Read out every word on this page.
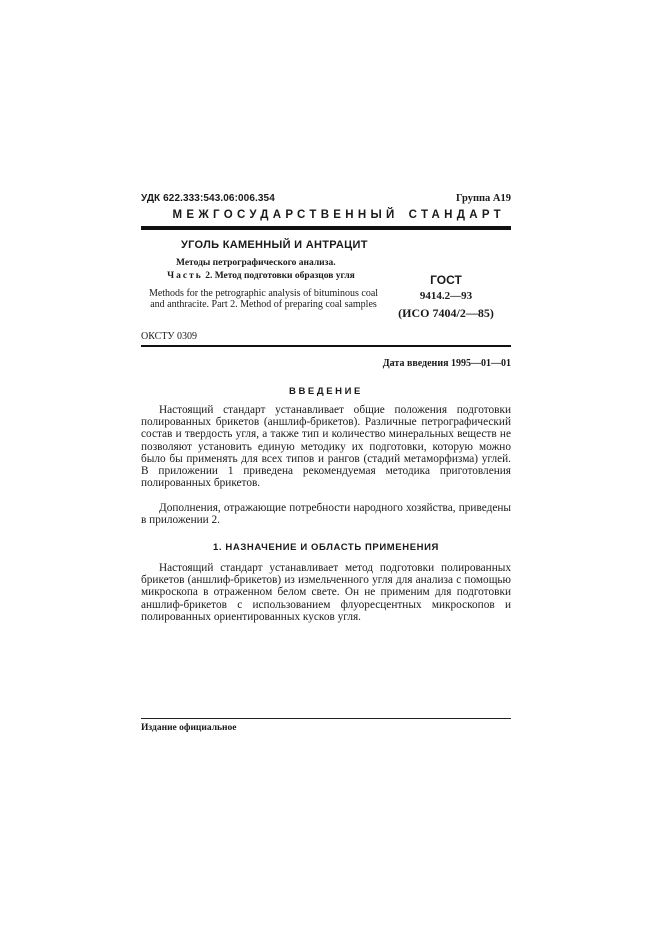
УДК 622.333:543.06:006.354	Группа А19
МЕЖГОСУДАРСТВЕННЫЙ СТАНДАРТ
УГОЛЬ КАМЕННЫЙ И АНТРАЦИТ
Методы петрографического анализа.
Часть 2. Метод подготовки образцов угля
Methods for the petrographic analysis of bituminous coal and anthracite. Part 2. Method of preparing coal samples
ГОСТ
9414.2—93
(ИСО 7404/2—85)
ОКСТУ 0309
Дата введения 1995—01—01
ВВЕДЕНИЕ
Настоящий стандарт устанавливает общие положения подготовки полированных брикетов (аншлиф-брикетов). Различные петрографический состав и твердость угля, а также тип и количество минеральных веществ не позволяют установить единую методику их подготовки, которую можно было бы применять для всех типов и рангов (стадий метаморфизма) углей. В приложении 1 приведена рекомендуемая методика приготовления полированных брикетов.
Дополнения, отражающие потребности народного хозяйства, приведены в приложении 2.
1. НАЗНАЧЕНИЕ И ОБЛАСТЬ ПРИМЕНЕНИЯ
Настоящий стандарт устанавливает метод подготовки полированных брикетов (аншлиф-брикетов) из измельченного угля для анализа с помощью микроскопа в отраженном белом свете. Он не применим для подготовки аншлиф-брикетов с использованием флуоресцентных микроскопов и полированных ориентированных кусков угля.
Издание официальное
